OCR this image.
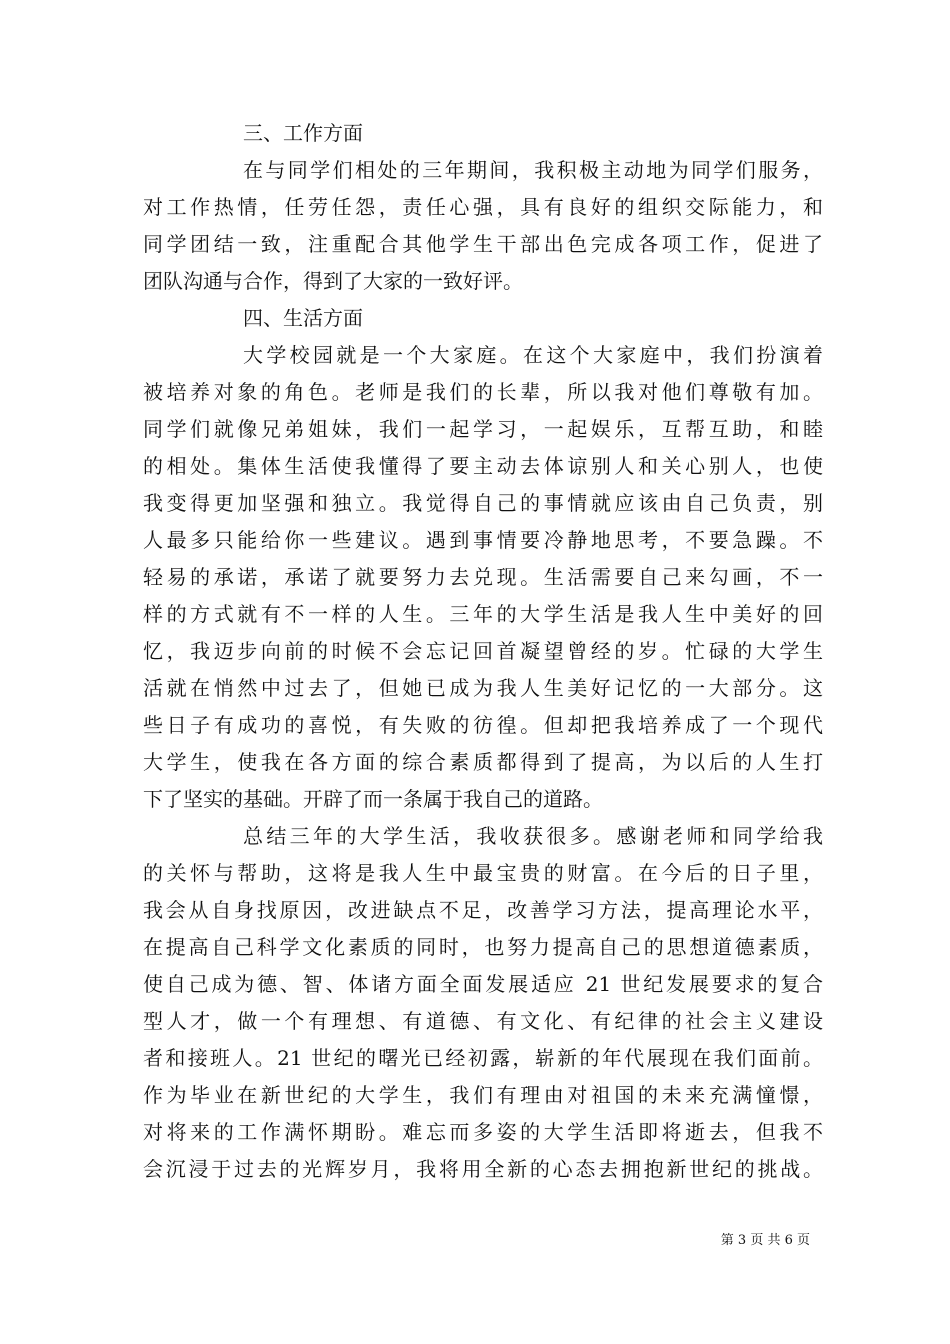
三、工作方面
在与同学们相处的三年期间，我积极主动地为同学们服务，
对工作热情，任劳任怨，责任心强，具有良好的组织交际能力，和
同学团结一致，注重配合其他学生干部出色完成各项工作，促进了
团队沟通与合作，得到了大家的一致好评。
四、生活方面
大学校园就是一个大家庭。在这个大家庭中，我们扮演着
被培养对象的角色。老师是我们的长辈，所以我对他们尊敬有加。
同学们就像兄弟姐妹，我们一起学习，一起娱乐，互帮互助，和睦
的相处。集体生活使我懂得了要主动去体谅别人和关心别人，也使
我变得更加坚强和独立。我觉得自己的事情就应该由自己负责，别
人最多只能给你一些建议。遇到事情要冷静地思考，不要急躁。不
轻易的承诺，承诺了就要努力去兑现。生活需要自己来勾画，不一
样的方式就有不一样的人生。三年的大学生活是我人生中美好的回
忆，我迈步向前的时候不会忘记回首凝望曾经的岁。忙碌的大学生
活就在悄然中过去了，但她已成为我人生美好记忆的一大部分。这
些日子有成功的喜悦，有失败的彷徨。但却把我培养成了一个现代
大学生，使我在各方面的综合素质都得到了提高，为以后的人生打
下了坚实的基础。开辟了而一条属于我自己的道路。
总结三年的大学生活，我收获很多。感谢老师和同学给我
的关怀与帮助，这将是我人生中最宝贵的财富。在今后的日子里，
我会从自身找原因，改进缺点不足，改善学习方法，提高理论水平，
在提高自己科学文化素质的同时，也努力提高自己的思想道德素质，
使自己成为德、智、体诸方面全面发展适应 21 世纪发展要求的复合
型人才，做一个有理想、有道德、有文化、有纪律的社会主义建设
者和接班人。21 世纪的曙光已经初露，崭新的年代展现在我们面前。
作为毕业在新世纪的大学生，我们有理由对祖国的未来充满憧憬，
对将来的工作满怀期盼。难忘而多姿的大学生活即将逝去，但我不
会沉浸于过去的光辉岁月，我将用全新的心态去拥抱新世纪的挑战。
第 3 页 共 6 页
